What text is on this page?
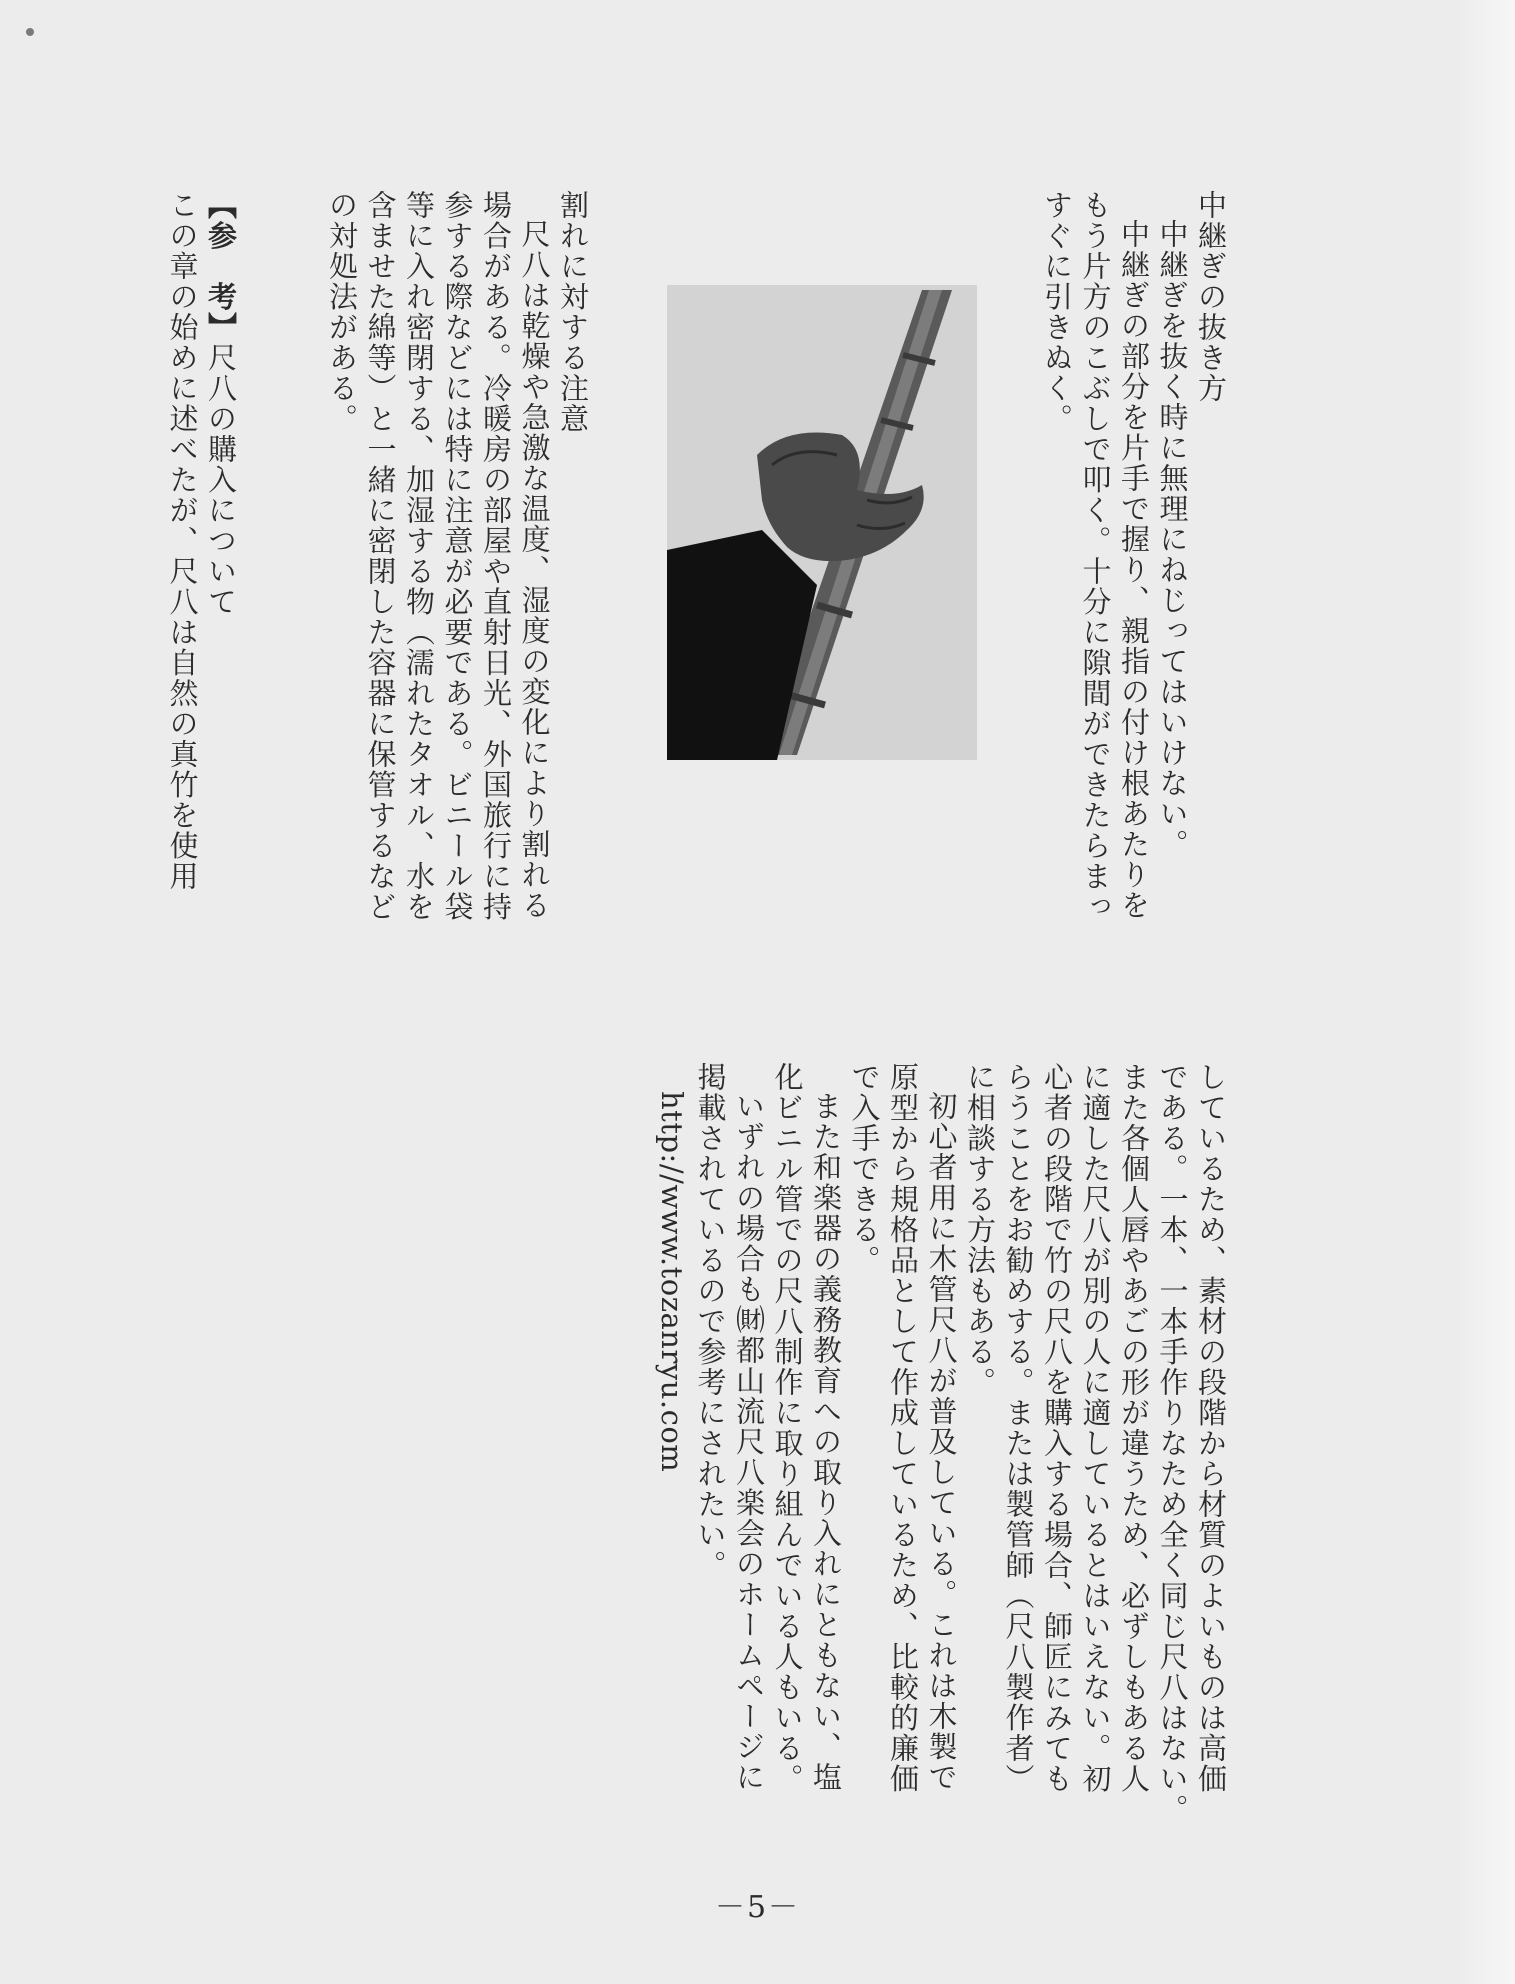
中継ぎの抜き方

中継ぎを抜く時に無理にねじってはいけない。

中継ぎの部分を片手で握り、親指の付け根あたりを

もう片方のこぶしで叩く。十分に隙間ができたらまっ

すぐに引きぬく。

割れに対する注意

尺八は乾燥や急激な温度、湿度の変化により割れる

場合がある。冷暖房の部屋や直射日光、外国旅行に持

参する際などには特に注意が必要である。ビニール袋

等に入れ密閉する、加湿する物（濡れたタオル、水を

含ませた綿等）と一緒に密閉した容器に保管するなど

の対処法がある。

【参　考】尺八の購入について

この章の始めに述べたが、尺八は自然の真竹を使用

しているため、素材の段階から材質のよいものは高価

である。一本、一本手作りなため全く同じ尺八はない。

また各個人唇やあごの形が違うため、必ずしもある人

に適した尺八が別の人に適しているとはいえない。初

心者の段階で竹の尺八を購入する場合、師匠にみても

らうことをお勧めする。または製管師（尺八製作者）

に相談する方法もある。

初心者用に木管尺八が普及している。これは木製で

原型から規格品として作成しているため、比較的廉価

で入手できる。

また和楽器の義務教育への取り入れにともない、塩

化ビニル管での尺八制作に取り組んでいる人もいる。

いずれの場合も㈶都山流尺八楽会のホームページに

掲載されているので参考にされたい。

http://www.tozanryu.com

－5－
